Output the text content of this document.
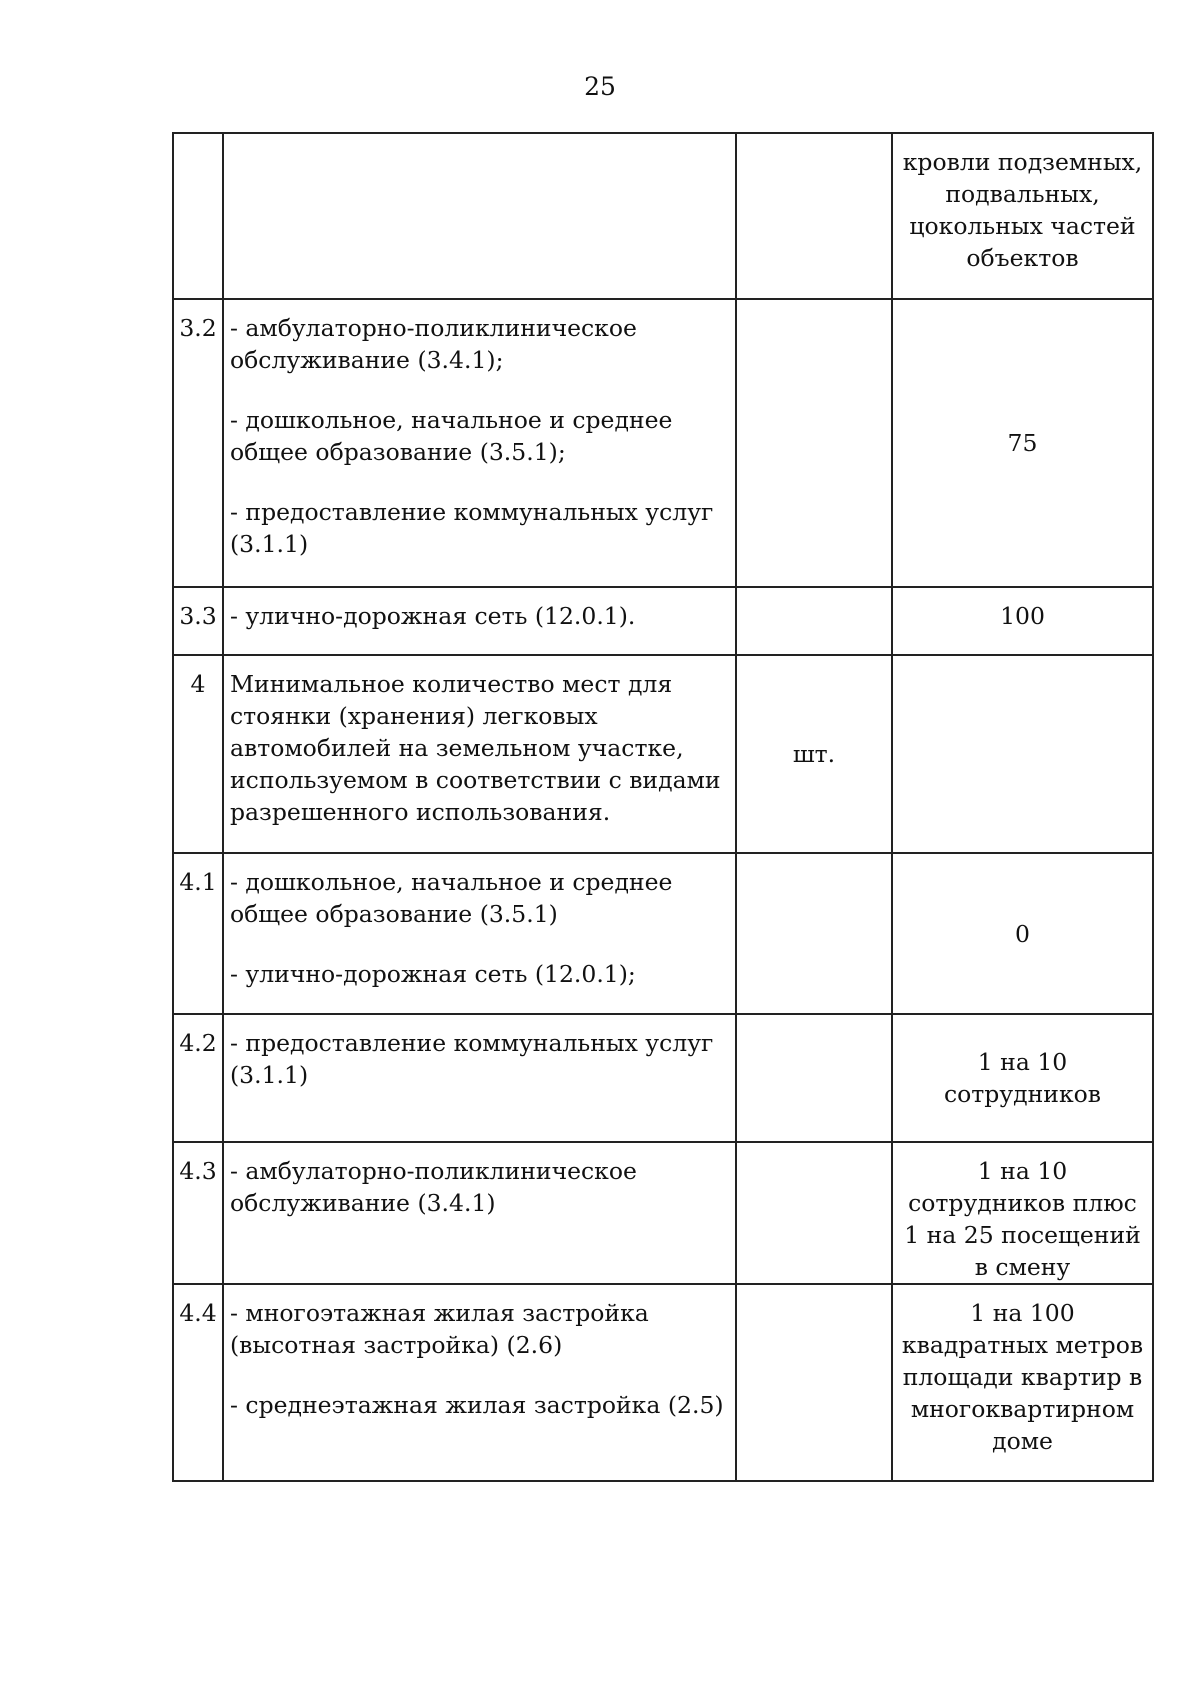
25
			кровли подземных, подвальных, цокольных частей объектов
3.2	- амбулаторно-поликлиническое обслуживание (3.4.1);

- дошкольное, начальное и среднее общее образование (3.5.1);

- предоставление коммунальных услуг (3.1.1)		75
3.3	- улично-дорожная сеть (12.0.1).		100
4	Минимальное количество мест для стоянки (хранения) легковых автомобилей на земельном участке, используемом в соответствии с видами разрешенного использования.	шт.	
4.1	- дошкольное, начальное и среднее общее образование (3.5.1)

- улично-дорожная сеть (12.0.1);		0
4.2	- предоставление коммунальных услуг (3.1.1)		1 на 10 сотрудников
4.3	- амбулаторно-поликлиническое обслуживание (3.4.1)		1 на 10 сотрудников плюс 1 на 25 посещений в смену
4.4	- многоэтажная жилая застройка (высотная застройка) (2.6)

- среднеэтажная жилая застройка (2.5)		1 на 100 квадратных метров площади квартир в многоквартирном доме
